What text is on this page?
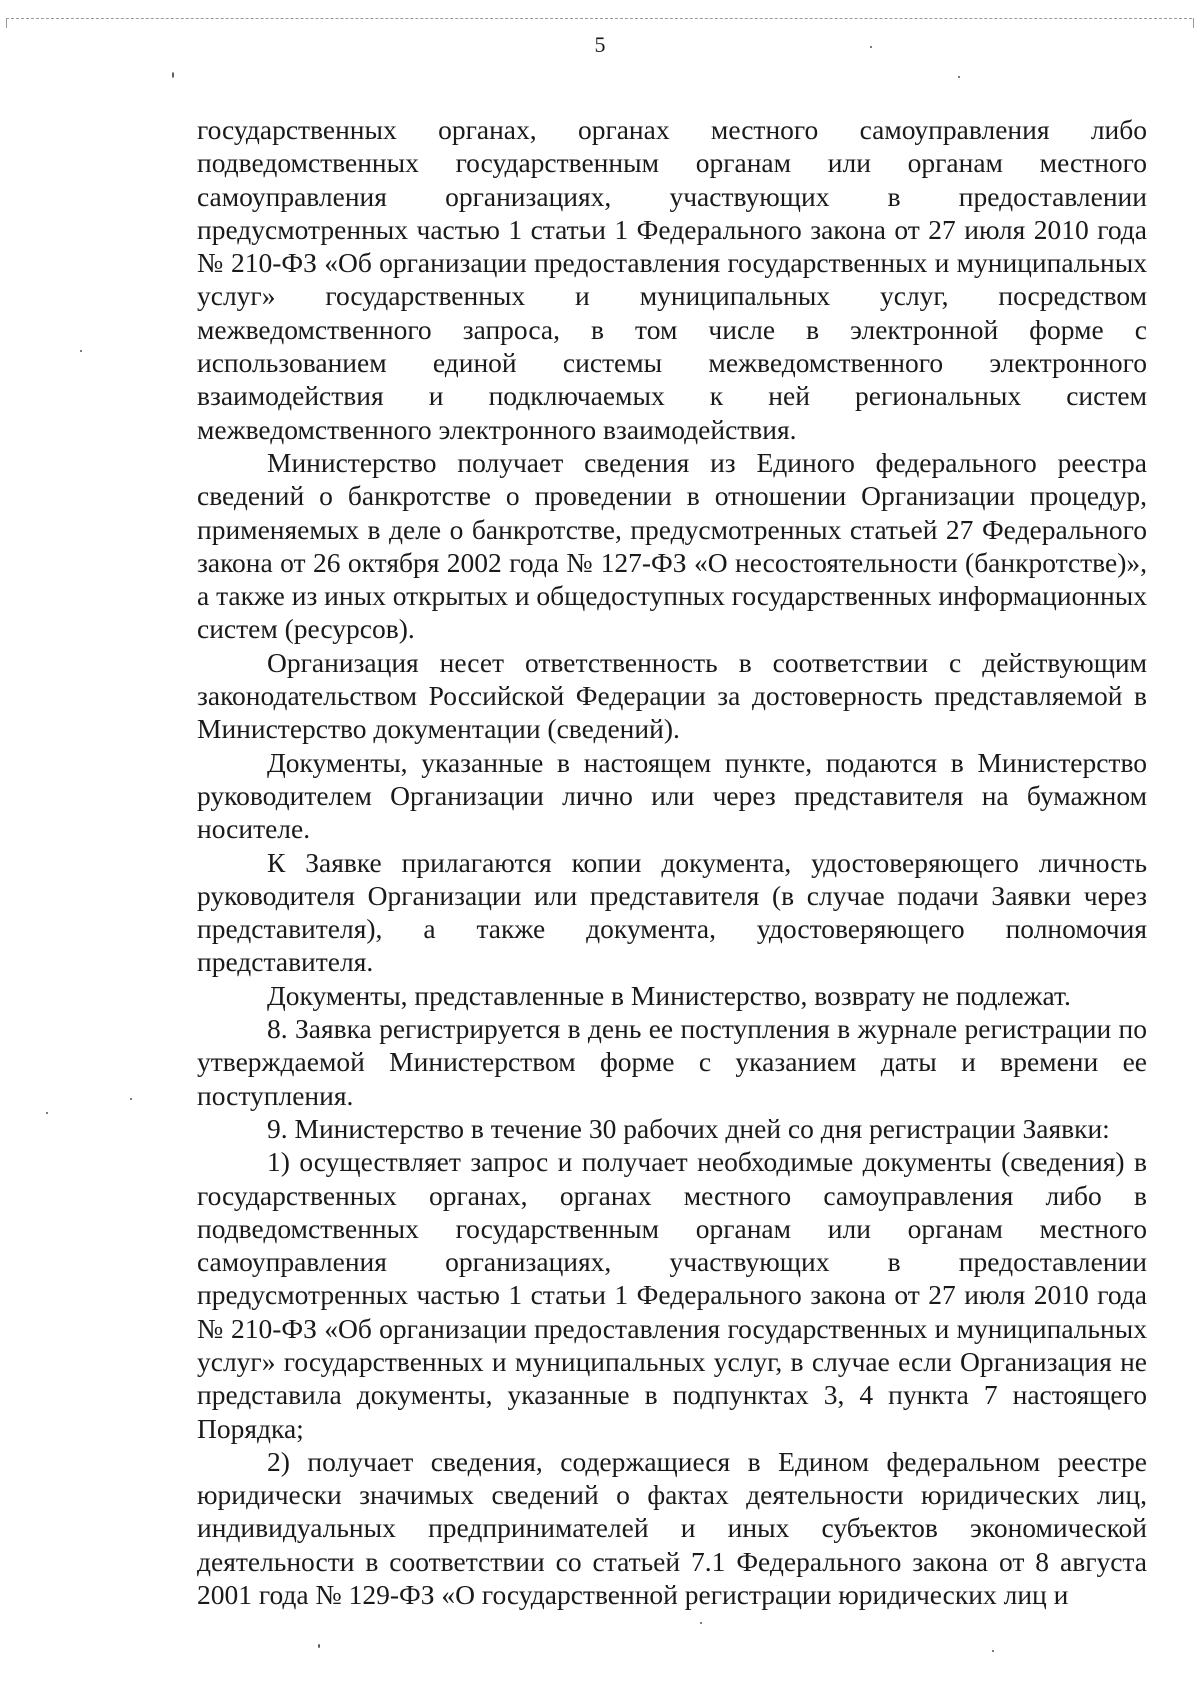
5

государственных органах, органах местного самоуправления либо подведомственных государственным органам или органам местного самоуправления организациях, участвующих в предоставлении предусмотренных частью 1 статьи 1 Федерального закона от 27 июля 2010 года № 210-ФЗ «Об организации предоставления государственных и муниципальных услуг» государственных и муниципальных услуг, посредством межведомственного запроса, в том числе в электронной форме с использованием единой системы межведомственного электронного взаимодействия и подключаемых к ней региональных систем межведомственного электронного взаимодействия.

Министерство получает сведения из Единого федерального реестра сведений о банкротстве о проведении в отношении Организации процедур, применяемых в деле о банкротстве, предусмотренных статьей 27 Федерального закона от 26 октября 2002 года № 127-ФЗ «О несостоятельности (банкротстве)», а также из иных открытых и общедоступных государственных информационных систем (ресурсов).

Организация несет ответственность в соответствии с действующим законодательством Российской Федерации за достоверность представляемой в Министерство документации (сведений).

Документы, указанные в настоящем пункте, подаются в Министерство руководителем Организации лично или через представителя на бумажном носителе.

К Заявке прилагаются копии документа, удостоверяющего личность руководителя Организации или представителя (в случае подачи Заявки через представителя), а также документа, удостоверяющего полномочия представителя.

Документы, представленные в Министерство, возврату не подлежат.

8. Заявка регистрируется в день ее поступления в журнале регистрации по утверждаемой Министерством форме с указанием даты и времени ее поступления.

9. Министерство в течение 30 рабочих дней со дня регистрации Заявки:

1) осуществляет запрос и получает необходимые документы (сведения) в государственных органах, органах местного самоуправления либо в подведомственных государственным органам или органам местного самоуправления организациях, участвующих в предоставлении предусмотренных частью 1 статьи 1 Федерального закона от 27 июля 2010 года № 210-ФЗ «Об организации предоставления государственных и муниципальных услуг» государственных и муниципальных услуг, в случае если Организация не представила документы, указанные в подпунктах 3, 4 пункта 7 настоящего Порядка;

2) получает сведения, содержащиеся в Едином федеральном реестре юридически значимых сведений о фактах деятельности юридических лиц, индивидуальных предпринимателей и иных субъектов экономической деятельности в соответствии со статьей 7.1 Федерального закона от 8 августа 2001 года № 129-ФЗ «О государственной регистрации юридических лиц и
